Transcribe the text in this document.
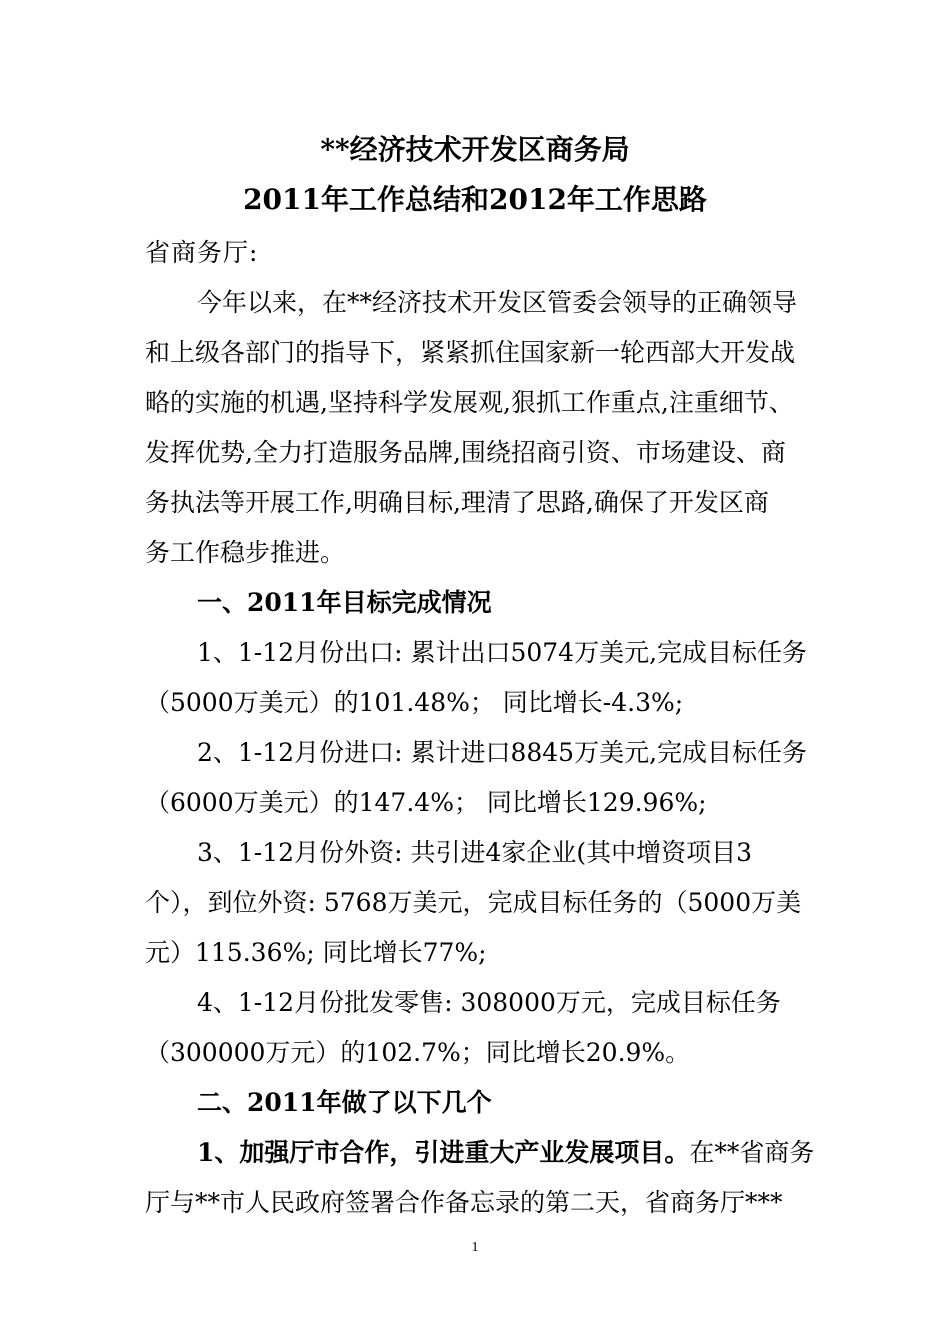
**经济技术开发区商务局
2011年工作总结和2012年工作思路
省商务厅:
今年以来，在**经济技术开发区管委会领导的正确领导
和上级各部门的指导下，紧紧抓住国家新一轮西部大开发战
略的实施的机遇,坚持科学发展观,狠抓工作重点,注重细节、
发挥优势,全力打造服务品牌,围绕招商引资、市场建设、商
务执法等开展工作,明确目标,理清了思路,确保了开发区商
务工作稳步推进。
一、2011年目标完成情况
1、1-12月份出口: 累计出口5074万美元,完成目标任务
（5000万美元）的101.48%； 同比增长-4.3%;
2、1-12月份进口: 累计进口8845万美元,完成目标任务
（6000万美元）的147.4%； 同比增长129.96%;
3、1-12月份外资: 共引进4家企业(其中增资项目3
个），到位外资: 5768万美元，完成目标任务的（5000万美
元）115.36%; 同比增长77%;
4、1-12月份批发零售: 308000万元，完成目标任务
（300000万元）的102.7%；同比增长20.9%。
二、2011年做了以下几个
1、加强厅市合作，引进重大产业发展项目。在**省商务
厅与**市人民政府签署合作备忘录的第二天，省商务厅***
1
